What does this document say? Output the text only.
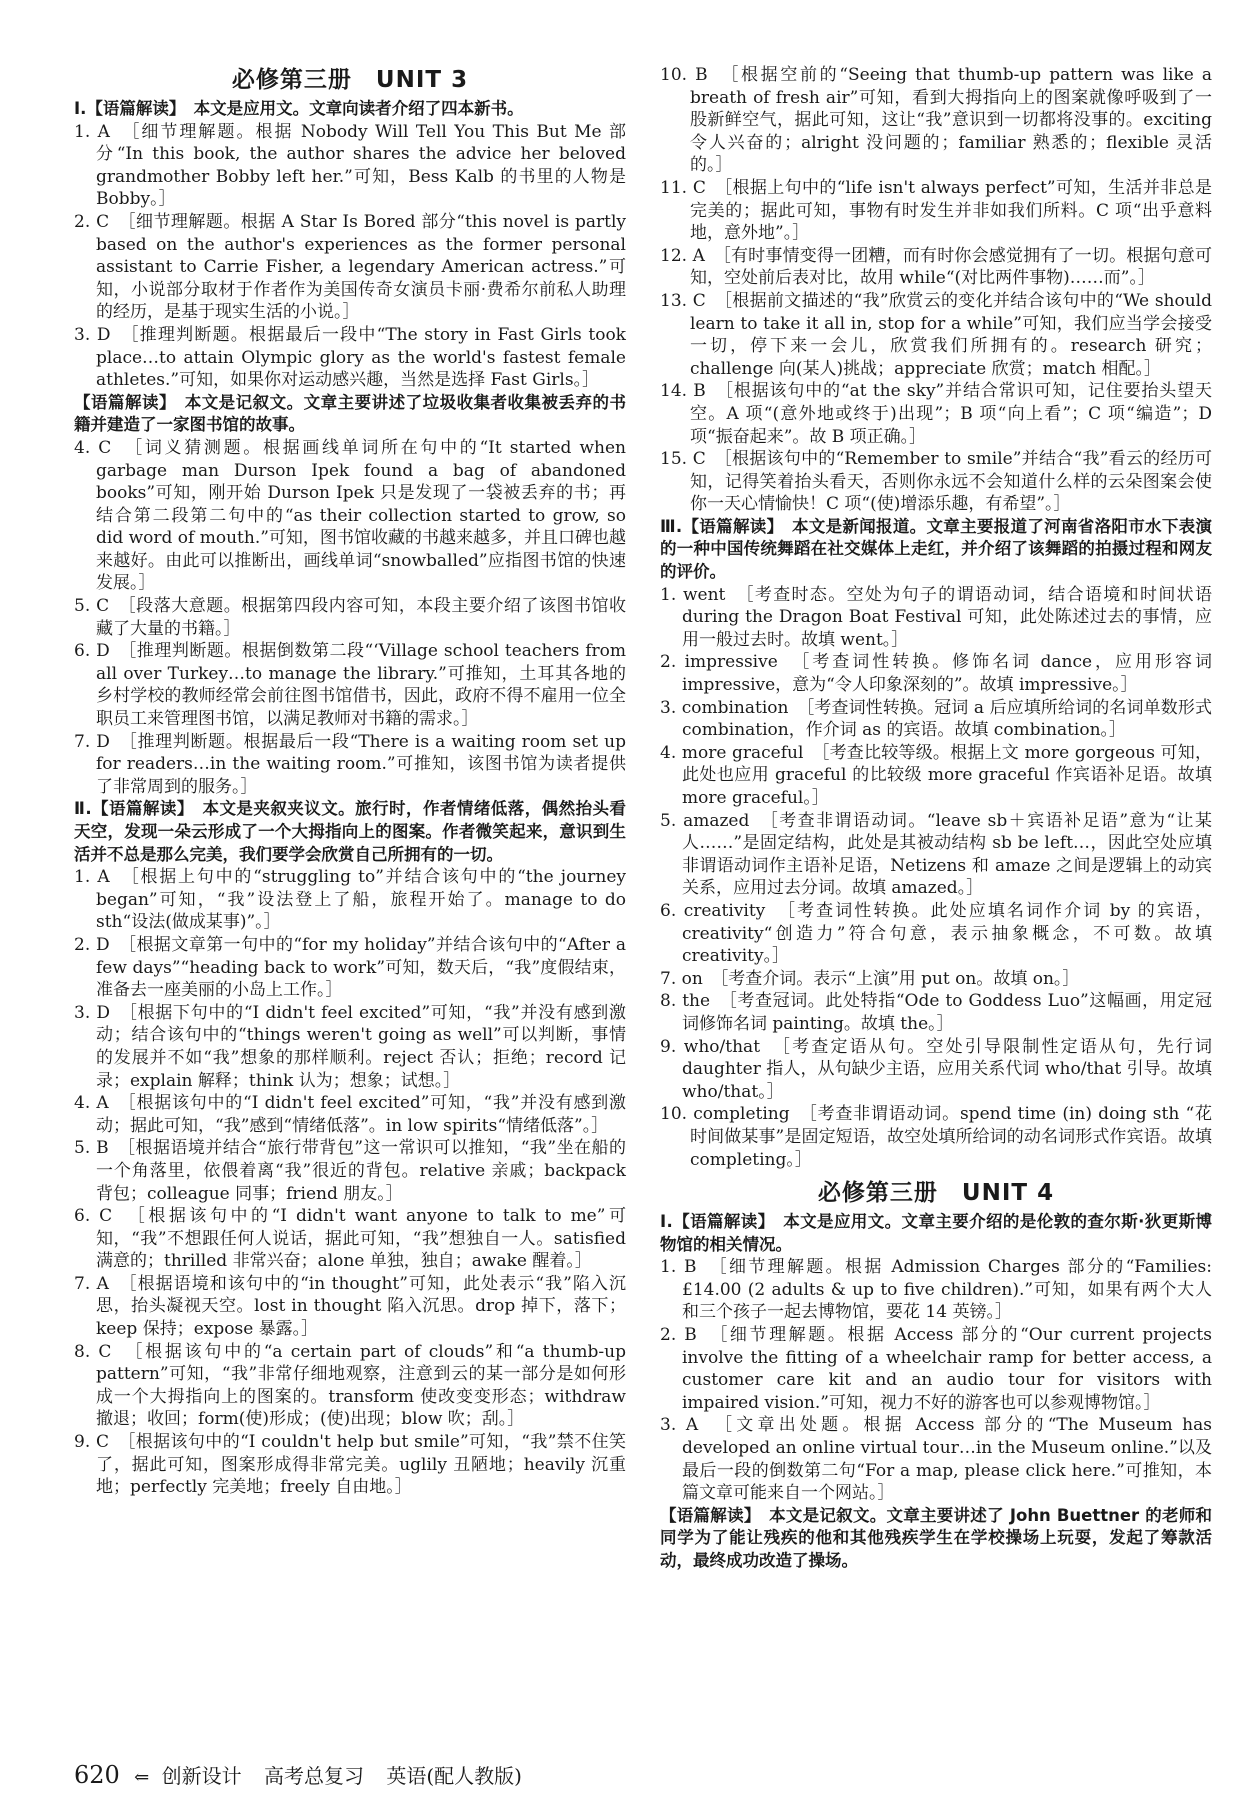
必修第三册　UNIT 3

Ⅰ.【语篇解读】　本文是应用文。文章向读者介绍了四本新书。

1. A　［细节理解题。根据 Nobody Will Tell You This But Me 部分“In this book, the author shares the advice her beloved grandmother Bobby left her.”可知，Bess Kalb 的书里的人物是 Bobby。］

2. C　［细节理解题。根据 A Star Is Bored 部分“this novel is partly based on the author's experiences as the former personal assistant to Carrie Fisher, a legendary American actress.”可知，小说部分取材于作者作为美国传奇女演员卡丽·费希尔前私人助理的经历，是基于现实生活的小说。］

3. D　［推理判断题。根据最后一段中“The story in Fast Girls took place…to attain Olympic glory as the world's fastest female athletes.”可知，如果你对运动感兴趣，当然是选择 Fast Girls。］

【语篇解读】　本文是记叙文。文章主要讲述了垃圾收集者收集被丢弃的书籍并建造了一家图书馆的故事。

4. C　［词义猜测题。根据画线单词所在句中的“It started when garbage man Durson Ipek found a bag of abandoned books”可知，刚开始 Durson Ipek 只是发现了一袋被丢弃的书；再结合第二段第二句中的“as their collection started to grow, so did word of mouth.”可知，图书馆收藏的书越来越多，并且口碑也越来越好。由此可以推断出，画线单词“snowballed”应指图书馆的快速发展。］

5. C　［段落大意题。根据第四段内容可知，本段主要介绍了该图书馆收藏了大量的书籍。］

6. D　［推理判断题。根据倒数第二段“‘Village school teachers from all over Turkey…to manage the library.”可推知，土耳其各地的乡村学校的教师经常会前往图书馆借书，因此，政府不得不雇用一位全职员工来管理图书馆，以满足教师对书籍的需求。］

7. D　［推理判断题。根据最后一段“There is a waiting room set up for readers…in the waiting room.”可推知，该图书馆为读者提供了非常周到的服务。］

Ⅱ.【语篇解读】　本文是夹叙夹议文。旅行时，作者情绪低落，偶然抬头看天空，发现一朵云形成了一个大拇指向上的图案。作者微笑起来，意识到生活并不总是那么完美，我们要学会欣赏自己所拥有的一切。

1. A　［根据上句中的“struggling to”并结合该句中的“the journey began”可知，“我”设法登上了船，旅程开始了。manage to do sth“设法(做成某事)”。］

2. D　［根据文章第一句中的“for my holiday”并结合该句中的“After a few days”“heading back to work”可知，数天后，“我”度假结束，准备去一座美丽的小岛上工作。］

3. D　［根据下句中的“I didn't feel excited”可知，“我”并没有感到激动；结合该句中的“things weren't going as well”可以判断，事情的发展并不如“我”想象的那样顺利。reject 否认；拒绝；record 记录；explain 解释；think 认为；想象；试想。］

4. A　［根据该句中的“I didn't feel excited”可知，“我”并没有感到激动；据此可知，“我”感到“情绪低落”。in low spirits“情绪低落”。］

5. B　［根据语境并结合“旅行带背包”这一常识可以推知，“我”坐在船的一个角落里，依偎着离“我”很近的背包。relative 亲戚；backpack 背包；colleague 同事；friend 朋友。］

6. C　［根据该句中的“I didn't want anyone to talk to me”可知，“我”不想跟任何人说话，据此可知，“我”想独自一人。satisfied 满意的；thrilled 非常兴奋；alone 单独，独自；awake 醒着。］

7. A　［根据语境和该句中的“in thought”可知，此处表示“我”陷入沉思，抬头凝视天空。lost in thought 陷入沉思。drop 掉下，落下；keep 保持；expose 暴露。］

8. C　［根据该句中的“a certain part of clouds”和“a thumb-up pattern”可知，“我”非常仔细地观察，注意到云的某一部分是如何形成一个大拇指向上的图案的。transform 使改变变形态；withdraw 撤退；收回；form(使)形成；(使)出现；blow 吹；刮。］

9. C　［根据该句中的“I couldn't help but smile”可知，“我”禁不住笑了，据此可知，图案形成得非常完美。uglily 丑陋地；heavily 沉重地；perfectly 完美地；freely 自由地。］

10. B　［根据空前的“Seeing that thumb-up pattern was like a breath of fresh air”可知，看到大拇指向上的图案就像呼吸到了一股新鲜空气，据此可知，这让“我”意识到一切都将没事的。exciting 令人兴奋的；alright 没问题的；familiar 熟悉的；flexible 灵活的。］

11. C　［根据上句中的“life isn't always perfect”可知，生活并非总是完美的；据此可知，事物有时发生并非如我们所料。C 项“出乎意料地，意外地”。］

12. A　［有时事情变得一团糟，而有时你会感觉拥有了一切。根据句意可知，空处前后表对比，故用 while“(对比两件事物)……而”。］

13. C　［根据前文描述的“我”欣赏云的变化并结合该句中的“We should learn to take it all in, stop for a while”可知，我们应当学会接受一切，停下来一会儿，欣赏我们所拥有的。research 研究；challenge 向(某人)挑战；appreciate 欣赏；match 相配。］

14. B　［根据该句中的“at the sky”并结合常识可知，记住要抬头望天空。A 项“(意外地或终于)出现”；B 项“向上看”；C 项“编造”；D 项“振奋起来”。故 B 项正确。］

15. C　［根据该句中的“Remember to smile”并结合“我”看云的经历可知，记得笑着抬头看天，否则你永远不会知道什么样的云朵图案会使你一天心情愉快！C 项“(使)增添乐趣，有希望”。］

Ⅲ.【语篇解读】　本文是新闻报道。文章主要报道了河南省洛阳市水下表演的一种中国传统舞蹈在社交媒体上走红，并介绍了该舞蹈的拍摄过程和网友的评价。

1. went　［考查时态。空处为句子的谓语动词，结合语境和时间状语 during the Dragon Boat Festival 可知，此处陈述过去的事情，应用一般过去时。故填 went。］

2. impressive　［考查词性转换。修饰名词 dance，应用形容词 impressive，意为“令人印象深刻的”。故填 impressive。］

3. combination　［考查词性转换。冠词 a 后应填所给词的名词单数形式 combination，作介词 as 的宾语。故填 combination。］

4. more graceful　［考查比较等级。根据上文 more gorgeous 可知，此处也应用 graceful 的比较级 more graceful 作宾语补足语。故填 more graceful。］

5. amazed　［考查非谓语动词。“leave sb＋宾语补足语”意为“让某人……”是固定结构，此处是其被动结构 sb be left…，因此空处应填非谓语动词作主语补足语，Netizens 和 amaze 之间是逻辑上的动宾关系，应用过去分词。故填 amazed。］

6. creativity　［考查词性转换。此处应填名词作介词 by 的宾语，creativity“创造力”符合句意，表示抽象概念，不可数。故填 creativity。］

7. on　［考查介词。表示“上演”用 put on。故填 on。］

8. the　［考查冠词。此处特指“Ode to Goddess Luo”这幅画，用定冠词修饰名词 painting。故填 the。］

9. who/that　［考查定语从句。空处引导限制性定语从句，先行词 daughter 指人，从句缺少主语，应用关系代词 who/that 引导。故填 who/that。］

10. completing　［考查非谓语动词。spend time (in) doing sth “花时间做某事”是固定短语，故空处填所给词的动名词形式作宾语。故填 completing。］

必修第三册　UNIT 4

Ⅰ.【语篇解读】　本文是应用文。文章主要介绍的是伦敦的查尔斯·狄更斯博物馆的相关情况。

1. B　［细节理解题。根据 Admission Charges 部分的“Families: £14.00 (2 adults & up to five children).”可知，如果有两个大人和三个孩子一起去博物馆，要花 14 英镑。］

2. B　［细节理解题。根据 Access 部分的“Our current projects involve the fitting of a wheelchair ramp for better access, a customer care kit and an audio tour for visitors with impaired vision.”可知，视力不好的游客也可以参观博物馆。］

3. A　［文章出处题。根据 Access 部分的“The Museum has developed an online virtual tour…in the Museum online.”以及最后一段的倒数第二句“For a map, please click here.”可推知，本篇文章可能来自一个网站。］

【语篇解读】　本文是记叙文。文章主要讲述了 John Buettner 的老师和同学为了能让残疾的他和其他残疾学生在学校操场上玩耍，发起了筹款活动，最终成功改造了操场。

620 ⇐ 创新设计 高考总复习 英语(配人教版)
